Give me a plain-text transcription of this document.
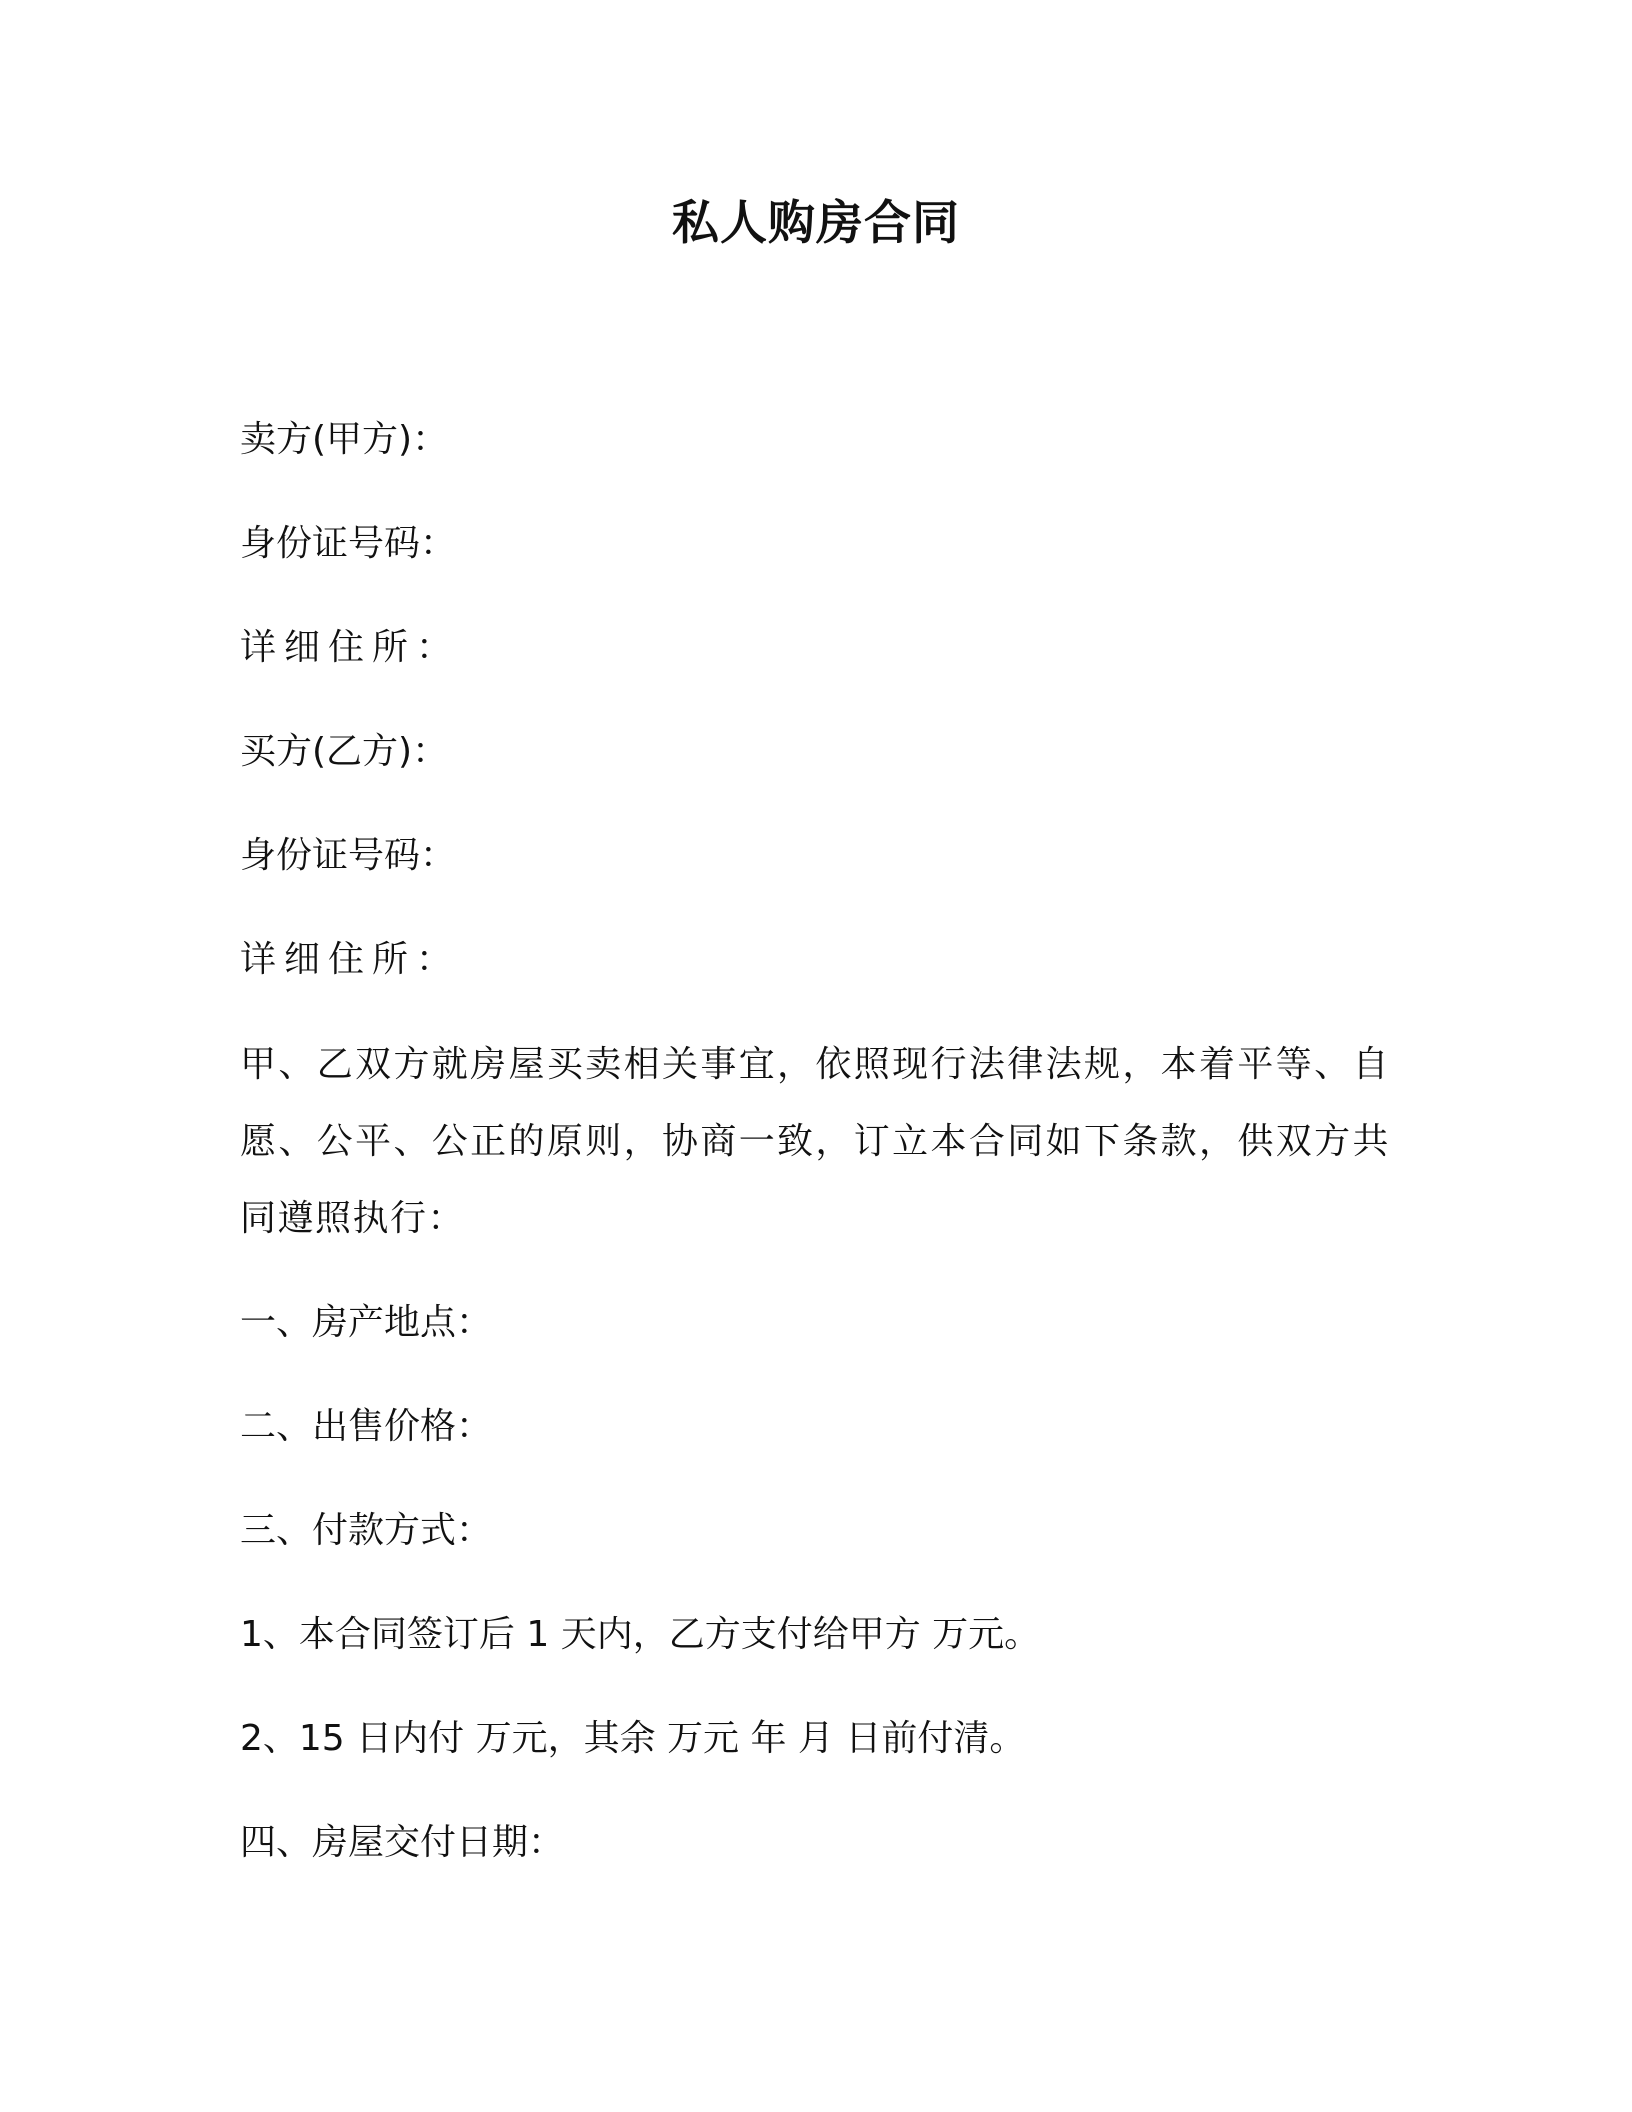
私人购房合同

卖方(甲方)：

身份证号码：

详细住所：

买方(乙方)：

身份证号码：

详细住所：

甲、乙双方就房屋买卖相关事宜，依照现行法律法规，本着平等、自愿、公平、公正的原则，协商一致，订立本合同如下条款，供双方共同遵照执行：

一、房产地点：

二、出售价格：

三、付款方式：

1、本合同签订后 1 天内，乙方支付给甲方 万元。

2、15 日内付 万元，其余 万元 年 月 日前付清。

四、房屋交付日期：
